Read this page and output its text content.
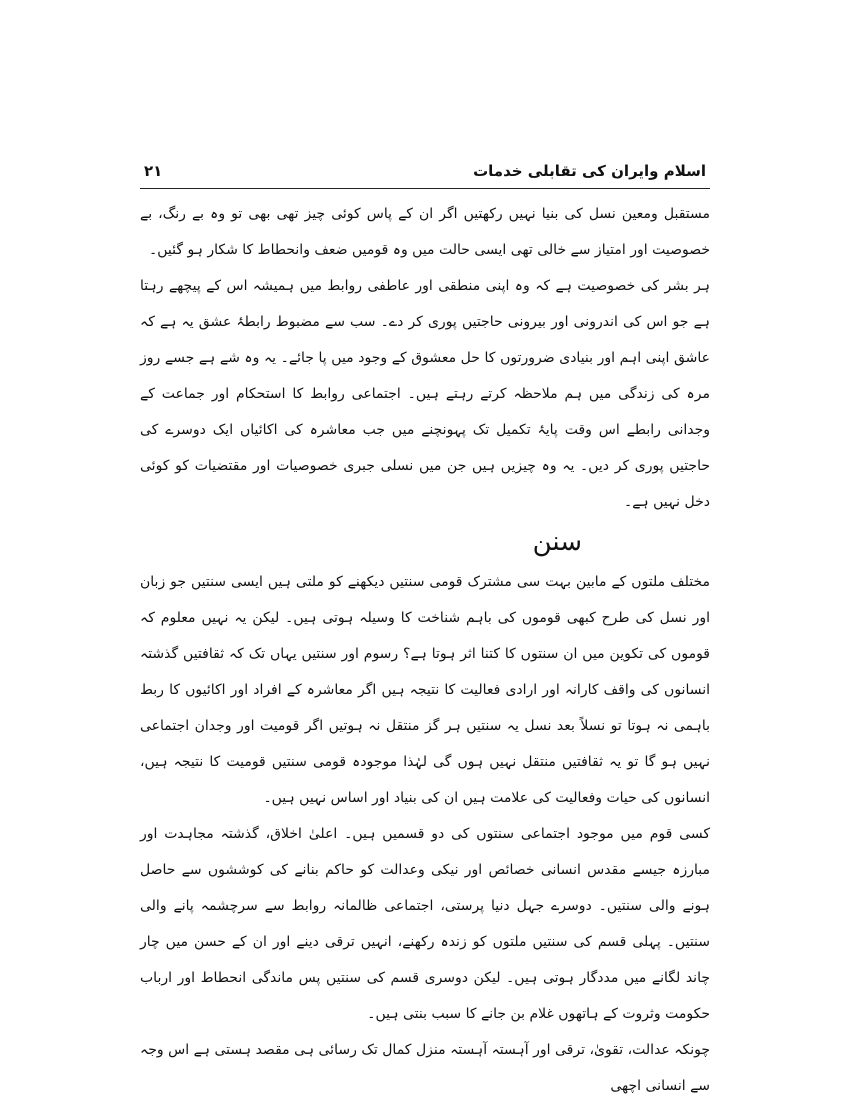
اسلام وایران کی تقابلی خدمات
۲۱

مستقبل ومعین نسل کی بنیا نہیں رکھتیں اگر ان کے پاس کوئی چیز تھی بھی تو وہ بے رنگ، بے خصوصیت اور امتیاز سے خالی تھی ایسی حالت میں وہ قومیں ضعف وانحطاط کا شکار ہو گئیں۔

ہر بشر کی خصوصیت ہے کہ وہ اپنی منطقی اور عاطفی روابط میں ہمیشہ اس کے پیچھے رہتا ہے جو اس کی اندرونی اور بیرونی حاجتیں پوری کر دے۔ سب سے مضبوط رابطۂ عشق یہ ہے کہ عاشق اپنی اہم اور بنیادی ضرورتوں کا حل معشوق کے وجود میں پا جائے۔ یہ وہ شے ہے جسے روز مرہ کی زندگی میں ہم ملاحظہ کرتے رہتے ہیں۔ اجتماعی روابط کا استحکام اور جماعت کے وجدانی رابطے اس وقت پایۂ تکمیل تک پہونچنے میں جب معاشرہ کی اکائیاں ایک دوسرے کی حاجتیں پوری کر دیں۔ یہ وہ چیزیں ہیں جن میں نسلی جبری خصوصیات اور مقتضیات کو کوئی دخل نہیں ہے۔

سنن

مختلف ملتوں کے مابین بہت سی مشترک قومی سنتیں دیکھنے کو ملتی ہیں ایسی سنتیں جو زبان اور نسل کی طرح کبھی قوموں کی باہم شناخت کا وسیلہ ہوتی ہیں۔ لیکن یہ نہیں معلوم کہ قوموں کی تکوین میں ان سنتوں کا کتنا اثر ہوتا ہے؟ رسوم اور سنتیں یہاں تک کہ ثقافتیں گذشتہ انسانوں کی واقف کارانہ اور ارادی فعالیت کا نتیجہ ہیں اگر معاشرہ کے افراد اور اکائیوں کا ربط باہمی نہ ہوتا تو نسلاً بعد نسل یہ سنتیں ہر گز منتقل نہ ہوتیں اگر قومیت اور وجدان اجتماعی نہیں ہو گا تو یہ ثقافتیں منتقل نہیں ہوں گی لہٰذا موجودہ قومی سنتیں قومیت کا نتیجہ ہیں، انسانوں کی حیات وفعالیت کی علامت ہیں ان کی بنیاد اور اساس نہیں ہیں۔

کسی قوم میں موجود اجتماعی سنتوں کی دو قسمیں ہیں۔ اعلیٰ اخلاق، گذشتہ مجاہدت اور مبارزہ جیسے مقدس انسانی خصائص اور نیکی وعدالت کو حاکم بنانے کی کوششوں سے حاصل ہونے والی سنتیں۔ دوسرے جہل دنیا پرستی، اجتماعی ظالمانہ روابط سے سرچشمہ پانے والی سنتیں۔ پہلی قسم کی سنتیں ملتوں کو زندہ رکھنے، انہیں ترقی دینے اور ان کے حسن میں چار چاند لگانے میں مددگار ہوتی ہیں۔ لیکن دوسری قسم کی سنتیں پس ماندگی انحطاط اور ارباب حکومت وثروت کے ہاتھوں غلام بن جانے کا سبب بنتی ہیں۔

چونکہ عدالت، تقویٰ، ترقی اور آہستہ آہستہ منزل کمال تک رسائی ہی مقصد ہستی ہے اس وجہ سے انسانی اچھی
